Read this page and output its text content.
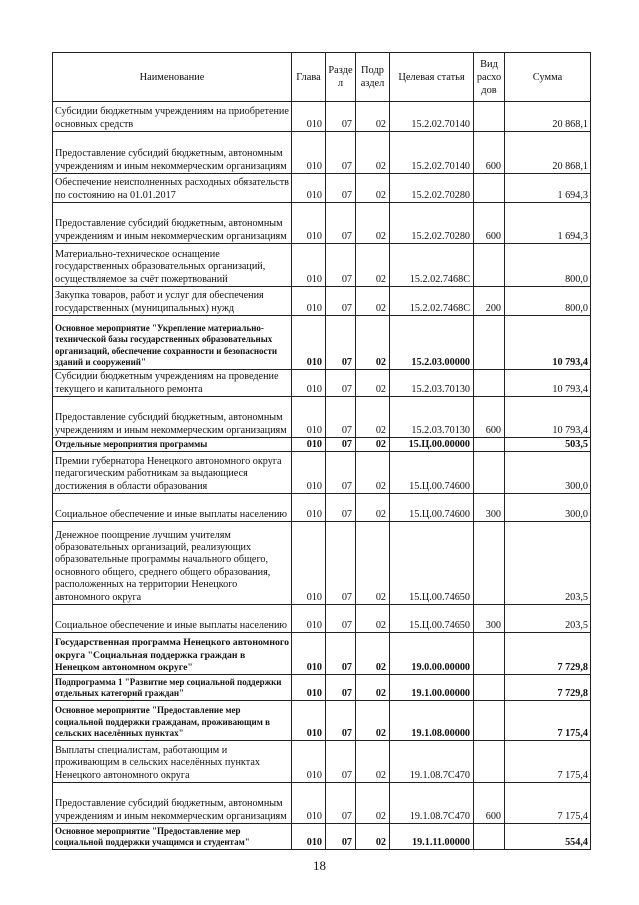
Наименование	Глава	Разде л	Подр аздел	Целевая статья	Вид расхо дов	Сумма
Субсидии бюджетным учреждениям на приобретение основных средств	010	07	02	15.2.02.70140		20 868,1
Предоставление субсидий бюджетным, автономным учреждениям и иным некоммерческим организациям	010	07	02	15.2.02.70140	600	20 868,1
Обеспечение неисполненных расходных обязательств по состоянию на 01.01.2017	010	07	02	15.2.02.70280		1 694,3
Предоставление субсидий бюджетным, автономным учреждениям и иным некоммерческим организациям	010	07	02	15.2.02.70280	600	1 694,3
Материально-техническое оснащение государственных образовательных организаций, осуществляемое за счёт пожертвований	010	07	02	15.2.02.7468С		800,0
Закупка товаров, работ и услуг для обеспечения государственных (муниципальных) нужд	010	07	02	15.2.02.7468С	200	800,0
Основное мероприятие "Укрепление материально-технической базы государственных образовательных организаций, обеспечение сохранности и безопасности зданий и сооружений"	010	07	02	15.2.03.00000		10 793,4
Субсидии бюджетным учреждениям на проведение текущего и капитального ремонта	010	07	02	15.2.03.70130		10 793,4
Предоставление субсидий бюджетным, автономным учреждениям и иным некоммерческим организациям	010	07	02	15.2.03.70130	600	10 793,4
Отдельные мероприятия программы	010	07	02	15.Ц.00.00000		503,5
Премии губернатора Ненецкого автономного округа педагогическим работникам за выдающиеся достижения в области образования	010	07	02	15.Ц.00.74600		300,0
Социальное обеспечение и иные выплаты населению	010	07	02	15.Ц.00.74600	300	300,0
Денежное поощрение лучшим учителям образовательных организаций, реализующих образовательные программы начального общего, основного общего, среднего общего образования, расположенных на территории Ненецкого автономного округа	010	07	02	15.Ц.00.74650		203,5
Социальное обеспечение и иные выплаты населению	010	07	02	15.Ц.00.74650	300	203,5
Государственная программа Ненецкого автономного округа "Социальная поддержка граждан в Ненецком автономном округе"	010	07	02	19.0.00.00000		7 729,8
Подпрограмма 1 "Развитие мер социальной поддержки отдельных категорий граждан"	010	07	02	19.1.00.00000		7 729,8
Основное мероприятие "Предоставление мер социальной поддержки гражданам, проживающим в сельских населённых пунктах"	010	07	02	19.1.08.00000		7 175,4
Выплаты специалистам, работающим и проживающим в сельских населённых пунктах Ненецкого автономного округа	010	07	02	19.1.08.7С470		7 175,4
Предоставление субсидий бюджетным, автономным учреждениям и иным некоммерческим организациям	010	07	02	19.1.08.7С470	600	7 175,4
Основное мероприятие "Предоставление мер социальной поддержки учащимся и студентам"	010	07	02	19.1.11.00000		554,4
18
